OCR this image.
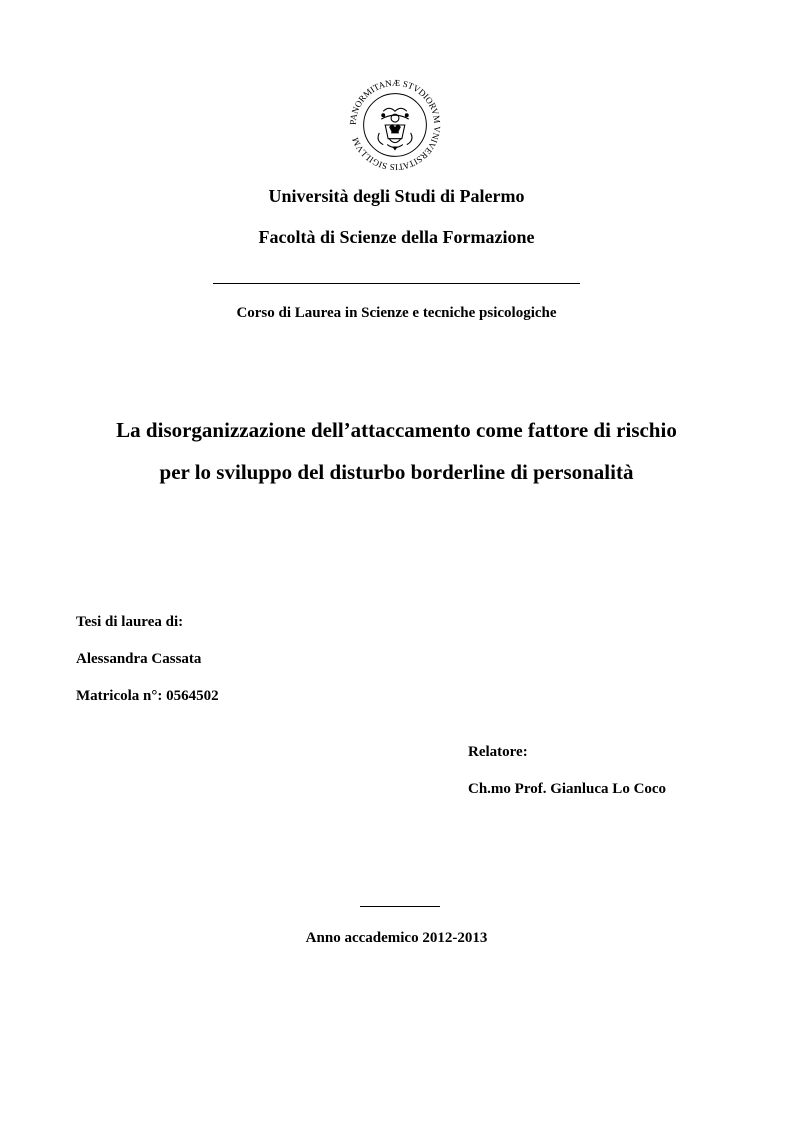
PANORMITANÆ STVDIORVM VNIVERSITATIS SIGILLVM
Università degli Studi di Palermo
Facoltà di Scienze della Formazione
Corso di Laurea in Scienze e tecniche psicologiche
La disorganizzazione dell’attaccamento come fattore di rischio
per lo sviluppo del disturbo borderline di personalità
Tesi di laurea di:
Alessandra Cassata
Matricola n°: 0564502
Relatore:
Ch.mo Prof. Gianluca Lo Coco
Anno accademico 2012-2013
